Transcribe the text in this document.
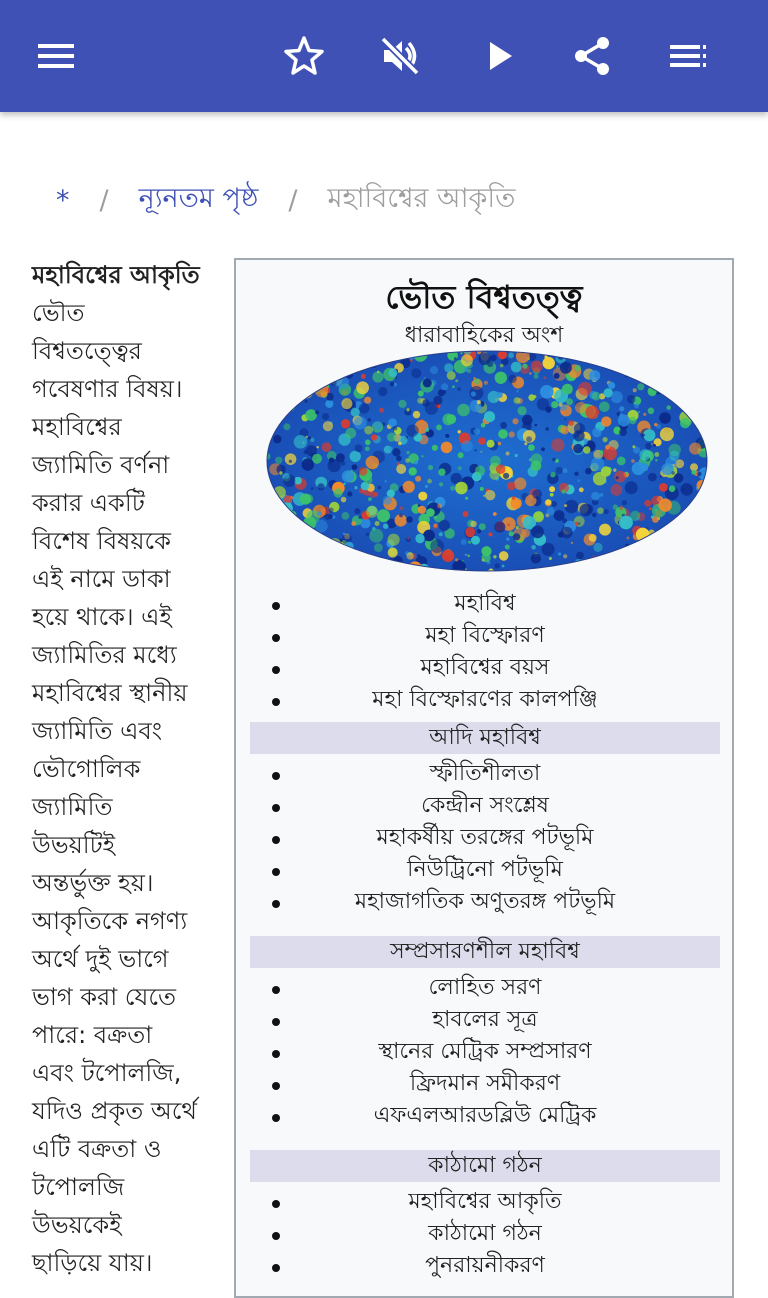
* / ন্যূনতম পৃষ্ঠ / মহাবিশ্বের আকৃতি
মহাবিশ্বের আকৃতি ভৌত
বিশ্বতত্ত্বের
গবেষণার বিষয়।
মহাবিশ্বের
জ্যামিতি বর্ণনা
করার একটি
বিশেষ বিষয়কে
এই নামে ডাকা
হয়ে থাকে। এই
জ্যামিতির মধ্যে
মহাবিশ্বের স্থানীয়
জ্যামিতি এবং
ভৌগোলিক
জ্যামিতি
উভয়টিই
অন্তর্ভুক্ত হয়।
আকৃতিকে নগণ্য
অর্থে দুই ভাগে
ভাগ করা যেতে
পারে: বক্রতা
এবং টপোলজি,
যদিও প্রকৃত অর্থে
এটি বক্রতা ও
টপোলজি
উভয়কেই
ছাড়িয়ে যায়।
ভৌত বিশ্বতত্ত্ব
ধারাবাহিকের অংশ
মহাবিশ্ব
মহা বিস্ফোরণ
মহাবিশ্বের বয়স
মহা বিস্ফোরণের কালপঞ্জি
আদি মহাবিশ্ব
স্ফীতিশীলতা
কেন্দ্রীন সংশ্লেষ
মহাকর্ষীয় তরঙ্গের পটভূমি
নিউট্রিনো পটভূমি
মহাজাগতিক অণুতরঙ্গ পটভূমি
সম্প্রসারণশীল মহাবিশ্ব
লোহিত সরণ
হাবলের সূত্র
স্থানের মেট্রিক সম্প্রসারণ
ফ্রিদমান সমীকরণ
এফএলআরডব্লিউ মেট্রিক
কাঠামো গঠন
মহাবিশ্বের আকৃতি
কাঠামো গঠন
পুনরায়নীকরণ
